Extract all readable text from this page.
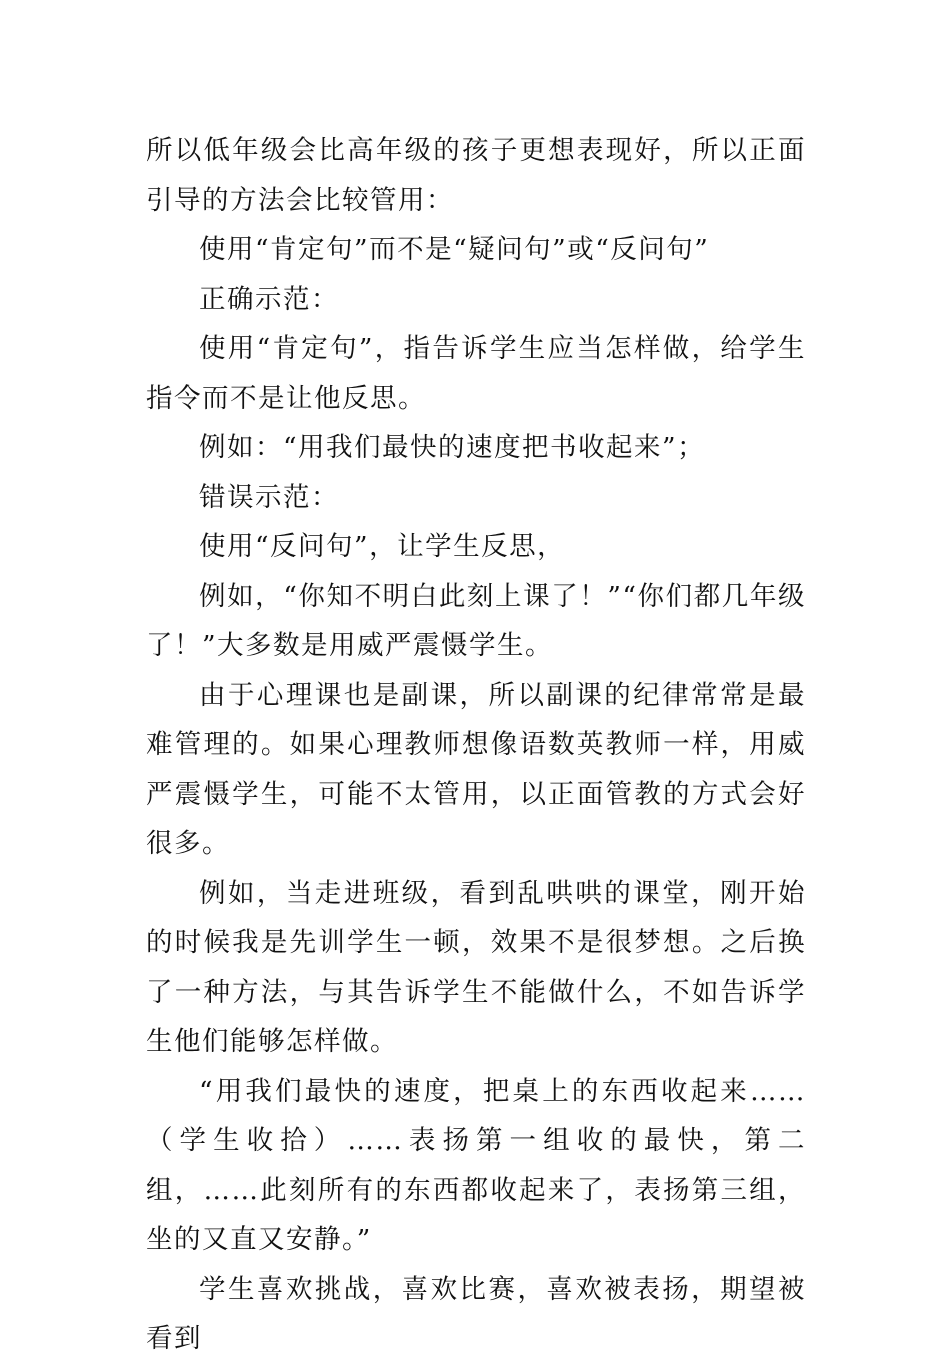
所以低年级会比高年级的孩子更想表现好，所以正面引导的方法会比较管用：

使用“肯定句”而不是“疑问句”或“反问句”

正确示范：

使用“肯定句”，指告诉学生应当怎样做，给学生指令而不是让他反思。

例如：“用我们最快的速度把书收起来”；

错误示范：

使用“反问句”，让学生反思，

例如，“你知不明白此刻上课了！”“你们都几年级了！”大多数是用威严震慑学生。

由于心理课也是副课，所以副课的纪律常常是最难管理的。如果心理教师想像语数英教师一样，用威严震慑学生，可能不太管用，以正面管教的方式会好很多。

例如，当走进班级，看到乱哄哄的课堂，刚开始的时候我是先训学生一顿，效果不是很梦想。之后换了一种方法，与其告诉学生不能做什么，不如告诉学生他们能够怎样做。

“用我们最快的速度，把桌上的东西收起来……（学生收拾）……表扬第一组收的最快，第二组，……此刻所有的东西都收起来了，表扬第三组，坐的又直又安静。”

学生喜欢挑战，喜欢比赛，喜欢被表扬，期望被看到
